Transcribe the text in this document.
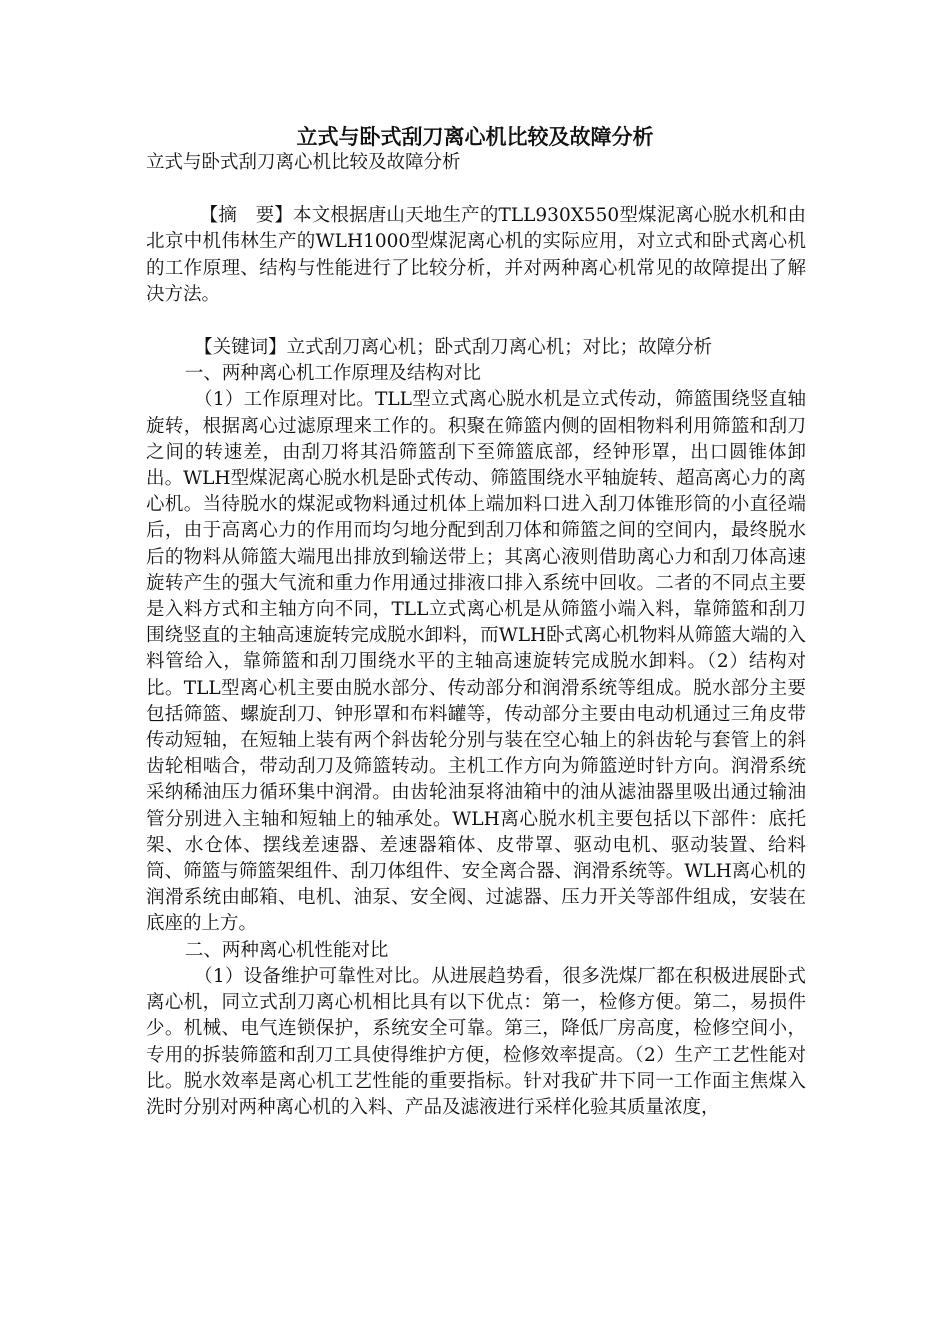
立式与卧式刮刀离心机比较及故障分析

立式与卧式刮刀离心机比较及故障分析

【摘　要】本文根据唐山天地生产的TLL930X550型煤泥离心脱水机和由北京中机伟林生产的WLH1000型煤泥离心机的实际应用，对立式和卧式离心机的工作原理、结构与性能进行了比较分析，并对两种离心机常见的故障提出了解决方法。

【关键词】立式刮刀离心机；卧式刮刀离心机；对比；故障分析

一、两种离心机工作原理及结构对比

（1）工作原理对比。TLL型立式离心脱水机是立式传动，筛篮围绕竖直轴旋转，根据离心过滤原理来工作的。积聚在筛篮内侧的固相物料利用筛篮和刮刀之间的转速差，由刮刀将其沿筛篮刮下至筛篮底部，经钟形罩，出口圆锥体卸出。WLH型煤泥离心脱水机是卧式传动、筛篮围绕水平轴旋转、超高离心力的离心机。当待脱水的煤泥或物料通过机体上端加料口进入刮刀体锥形筒的小直径端后，由于高离心力的作用而均匀地分配到刮刀体和筛篮之间的空间内，最终脱水后的物料从筛篮大端甩出排放到输送带上；其离心液则借助离心力和刮刀体高速旋转产生的强大气流和重力作用通过排液口排入系统中回收。二者的不同点主要是入料方式和主轴方向不同，TLL立式离心机是从筛篮小端入料，靠筛篮和刮刀围绕竖直的主轴高速旋转完成脱水卸料，而WLH卧式离心机物料从筛篮大端的入料管给入，靠筛篮和刮刀围绕水平的主轴高速旋转完成脱水卸料。（2）结构对比。TLL型离心机主要由脱水部分、传动部分和润滑系统等组成。脱水部分主要包括筛篮、螺旋刮刀、钟形罩和布料罐等，传动部分主要由电动机通过三角皮带传动短轴，在短轴上装有两个斜齿轮分别与装在空心轴上的斜齿轮与套管上的斜齿轮相啮合，带动刮刀及筛篮转动。主机工作方向为筛篮逆时针方向。润滑系统采纳稀油压力循环集中润滑。由齿轮油泵将油箱中的油从滤油器里吸出通过输油管分别进入主轴和短轴上的轴承处。WLH离心脱水机主要包括以下部件：底托架、水仓体、摆线差速器、差速器箱体、皮带罩、驱动电机、驱动装置、给料筒、筛篮与筛篮架组件、刮刀体组件、安全离合器、润滑系统等。WLH离心机的润滑系统由邮箱、电机、油泵、安全阀、过滤器、压力开关等部件组成，安装在底座的上方。

二、两种离心机性能对比

（1）设备维护可靠性对比。从进展趋势看，很多洗煤厂都在积极进展卧式离心机，同立式刮刀离心机相比具有以下优点：第一，检修方便。第二，易损件少。机械、电气连锁保护，系统安全可靠。第三，降低厂房高度，检修空间小，专用的拆装筛篮和刮刀工具使得维护方便，检修效率提高。（2）生产工艺性能对比。脱水效率是离心机工艺性能的重要指标。针对我矿井下同一工作面主焦煤入洗时分别对两种离心机的入料、产品及滤液进行采样化验其质量浓度，
